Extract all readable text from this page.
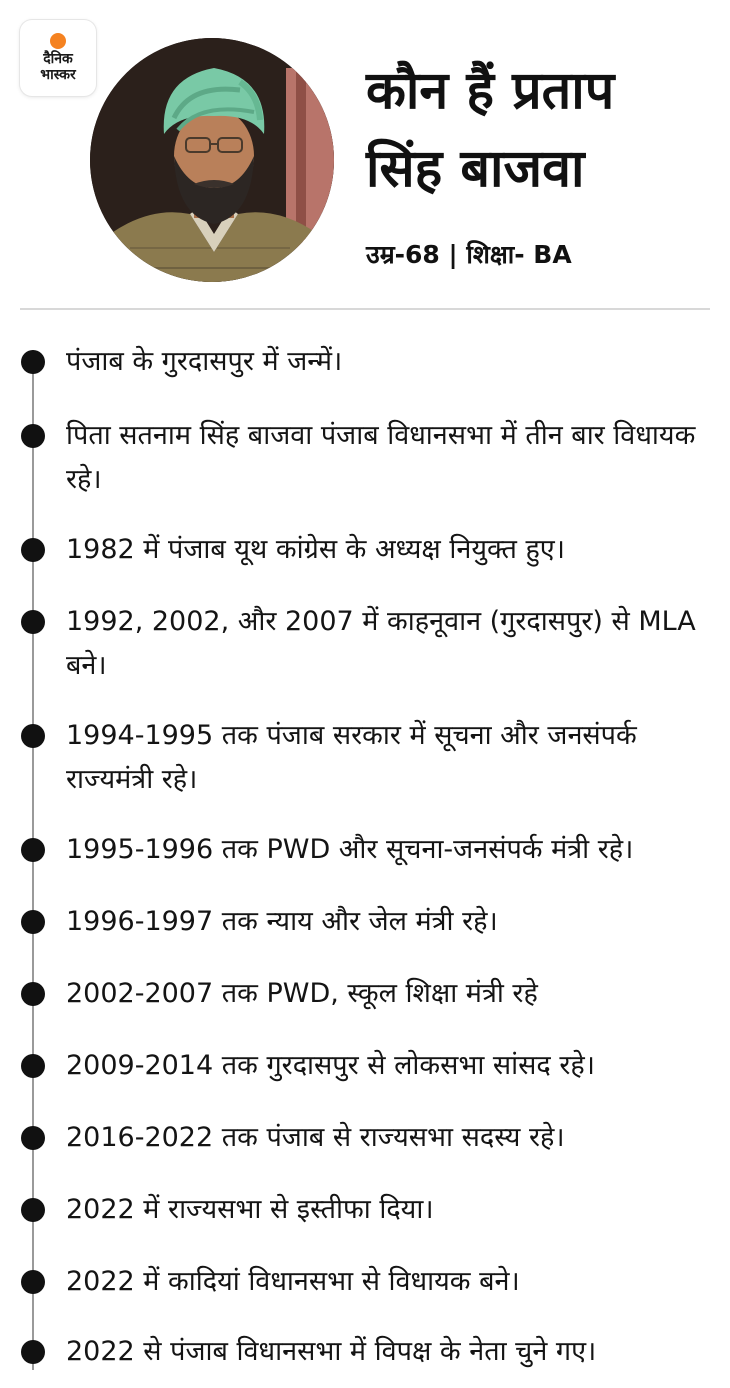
दैनिक
भास्कर	कौन हैं प्रताप
सिंह बाजवा
उम्र-68 | शिक्षा- BA
पंजाब के गुरदासपुर में जन्में।
पिता सतनाम सिंह बाजवा पंजाब विधानसभा में तीन बार विधायक रहे।
1982 में पंजाब यूथ कांग्रेस के अध्यक्ष नियुक्त हुए।
1992, 2002, और 2007 में काहनूवान (गुरदासपुर) से MLA बने।
1994-1995 तक पंजाब सरकार में सूचना और जनसंपर्क राज्यमंत्री रहे।
1995-1996 तक PWD और सूचना-जनसंपर्क मंत्री रहे।
1996-1997 तक न्याय और जेल मंत्री रहे।
2002-2007 तक PWD, स्कूल शिक्षा मंत्री रहे
2009-2014 तक गुरदासपुर से लोकसभा सांसद रहे।
2016-2022 तक पंजाब से राज्यसभा सदस्य रहे।
2022 में राज्यसभा से इस्तीफा दिया।
2022 में कादियां विधानसभा से विधायक बने।
2022 से पंजाब विधानसभा में विपक्ष के नेता चुने गए।
